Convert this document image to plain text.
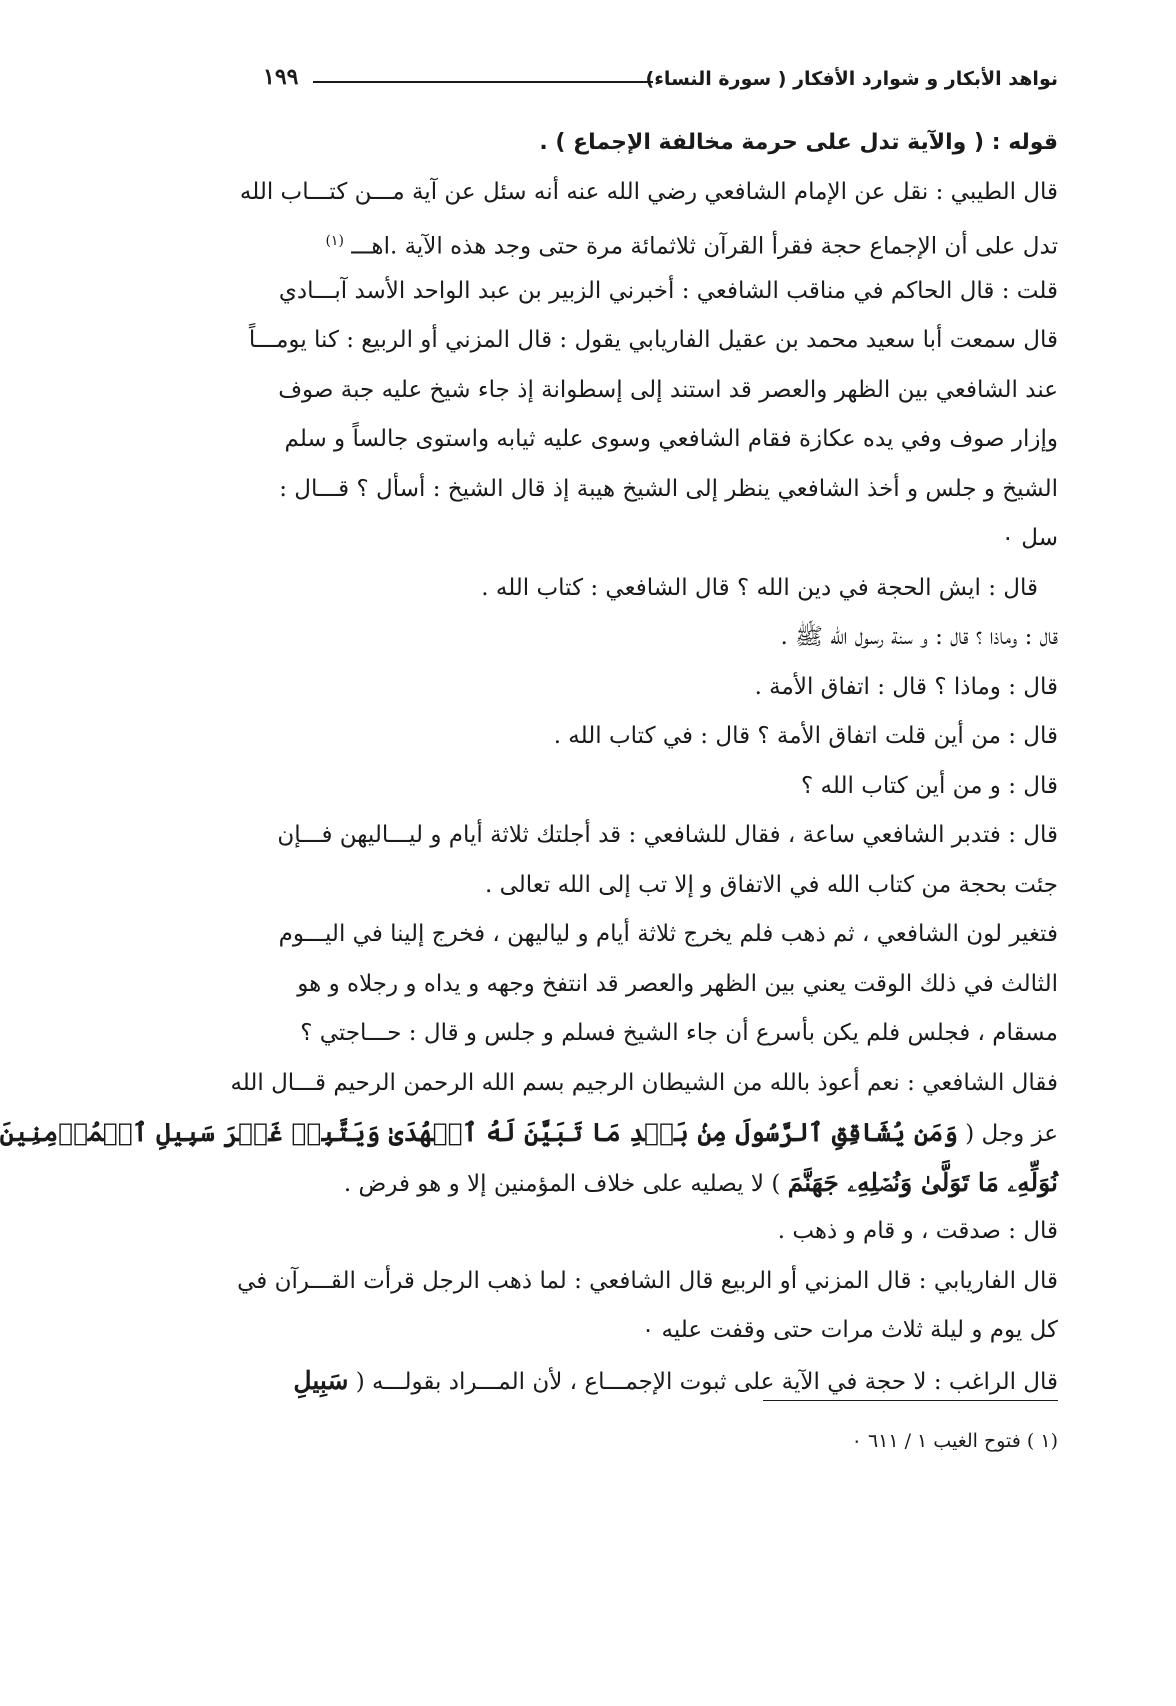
نواهد الأبكار و شوارد الأفكار ( سورة النساء)
١٩٩
قوله : ( والآية تدل على حرمة مخالفة الإجماع ) .
قال الطيبي : نقل عن الإمام الشافعي رضي الله عنه أنه سئل عن آية مـــن كتـــاب الله
تدل على أن الإجماع حجة فقرأ القرآن ثلاثمائة مرة حتى وجد هذه الآية .اهـــ $^{(١)}$
قلت : قال الحاكم في مناقب الشافعي : أخبرني الزبير بن عبد الواحد الأسد آبـــادي
قال سمعت أبا سعيد محمد بن عقيل الفاريابي يقول : قال المزني أو الربيع : كنا يومـــاً
عند الشافعي بين الظهر والعصر قد استند إلى إسطوانة إذ جاء شيخ عليه جبة صوف
وإزار صوف وفي يده عكازة فقام الشافعي وسوى عليه ثيابه واستوى جالساً و سلم
الشيخ و جلس و أخذ الشافعي ينظر إلى الشيخ هيبة إذ قال الشيخ : أسأل ؟ قـــال :
سل ٠
قال : ايش الحجة في دين الله ؟ قال الشافعي : كتاب الله .
قال : وماذا ؟ قال : و سنة رسول الله ﷺ .
قال : وماذا ؟ قال : اتفاق الأمة .
قال : من أين قلت اتفاق الأمة ؟ قال : في كتاب الله .
قال : و من أين كتاب الله ؟
قال : فتدبر الشافعي ساعة ، فقال للشافعي : قد أجلتك ثلاثة أيام و ليـــاليهن فـــإن
جئت بحجة من كتاب الله في الاتفاق و إلا تب إلى الله تعالى .
فتغير لون الشافعي ، ثم ذهب فلم يخرج ثلاثة أيام و لياليهن ، فخرج إلينا في اليـــوم
الثالث في ذلك الوقت يعني بين الظهر والعصر قد انتفخ وجهه و يداه و رجلاه و هو
مسقام ، فجلس فلم يكن بأسرع أن جاء الشيخ فسلم و جلس و قال : حـــاجتي ؟
فقال الشافعي : نعم أعوذ بالله من الشيطان الرجيم بسم الله الرحمن الرحيم قـــال الله
عز وجل ( وَمَن يُشَاقِقِ ٱلرَّسُولَ مِنۢ بَعۡدِ مَا تَبَيَّنَ لَهُ ٱلۡهُدَىٰ وَيَتَّبِعۡ غَيۡرَ سَبِيلِ ٱلۡمُؤۡمِنِينَ
نُوَلِّهِۦ مَا تَوَلَّىٰ وَنُصۡلِهِۦ جَهَنَّمَ ) لا يصليه على خلاف المؤمنين إلا و هو فرض .
قال : صدقت ، و قام و ذهب .
قال الفاريابي : قال المزني أو الربيع قال الشافعي : لما ذهب الرجل قرأت القـــرآن في
كل يوم و ليلة ثلاث مرات حتى وقفت عليه ٠
قال الراغب : لا حجة في الآية على ثبوت الإجمـــاع ، لأن المـــراد بقولـــه ( سَبِيلِ
(١ ) فتوح الغيب ١ / ٦١١ ٠
